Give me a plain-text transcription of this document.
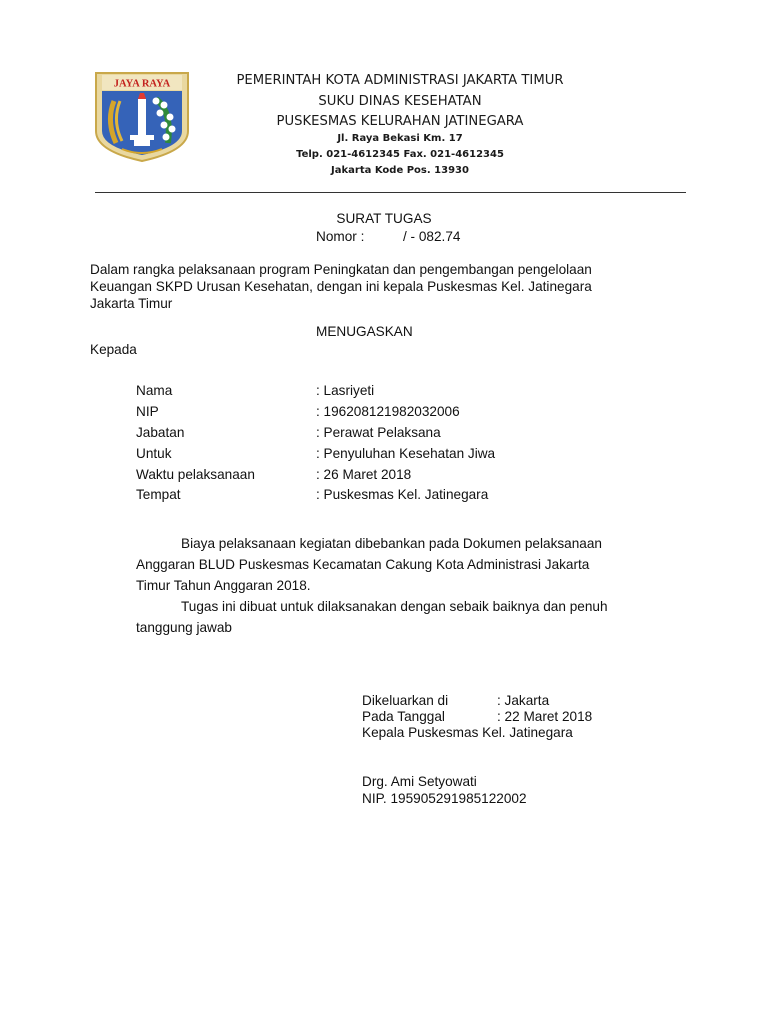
JAYA RAYA	PEMERINTAH KOTA ADMINISTRASI JAKARTA TIMUR
SUKU DINAS KESEHATAN
PUSKESMAS KELURAHAN JATINEGARA
Jl. Raya Bekasi Km. 17
Telp. 021-4612345 Fax. 021-4612345
Jakarta Kode Pos. 13930
SURAT TUGAS
Nomor :	/ - 082.74
Dalam rangka pelaksanaan program Peningkatan dan pengembangan pengelolaan
Keuangan SKPD Urusan Kesehatan, dengan ini kepala Puskesmas Kel. Jatinegara
Jakarta Timur
MENUGASKAN
Kepada
Nama	: Lasriyeti
NIP	: 196208121982032006
Jabatan	: Perawat Pelaksana
Untuk	: Penyuluhan Kesehatan Jiwa
Waktu pelaksanaan	: 26 Maret 2018
Tempat	: Puskesmas Kel. Jatinegara
Biaya pelaksanaan kegiatan dibebankan pada Dokumen pelaksanaan
Anggaran BLUD Puskesmas Kecamatan Cakung Kota Administrasi Jakarta
Timur Tahun Anggaran 2018.
Tugas ini dibuat untuk dilaksanakan dengan sebaik baiknya dan penuh
tanggung jawab
Dikeluarkan di	: Jakarta
Pada Tanggal	: 22 Maret 2018
Kepala Puskesmas Kel. Jatinegara
Drg. Ami Setyowati
NIP. 195905291985122002
